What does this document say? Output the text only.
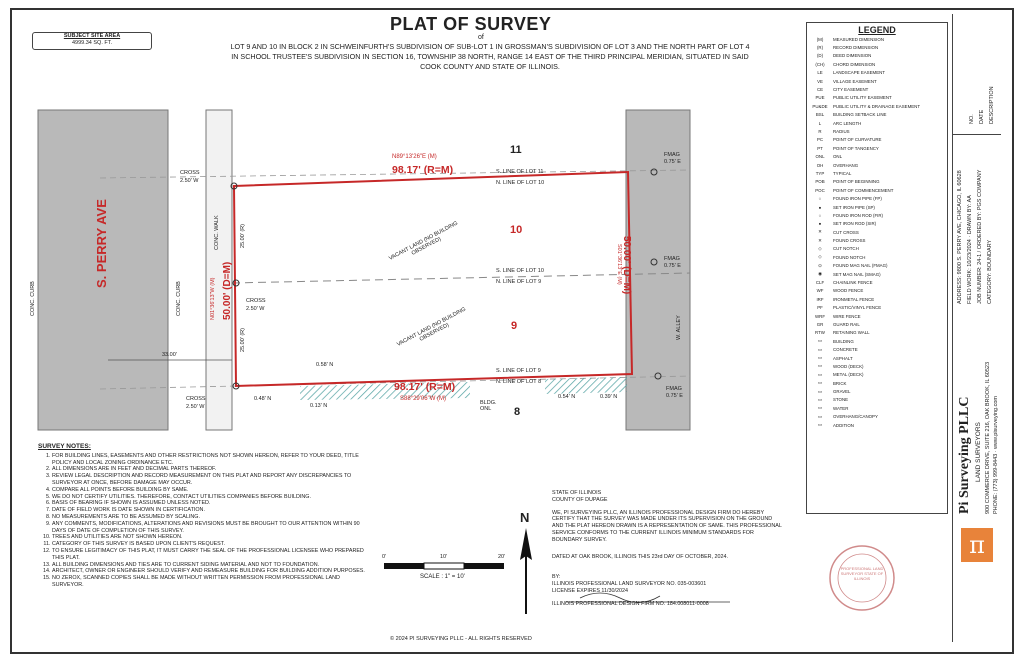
PLAT OF SURVEY
of
LOT 9 AND 10 IN BLOCK 2 IN SCHWEINFURTH'S SUBDIVISION OF SUB-LOT 1 IN GROSSMAN'S SUBDIVISION OF LOT 3 AND THE NORTH PART OF LOT 4 IN SCHOOL TRUSTEE'S SUBDIVISION IN SECTION 16, TOWNSHIP 38 NORTH, RANGE 14 EAST OF THE THIRD PRINCIPAL MERIDIAN, SITUATED IN SAID COOK COUNTY AND STATE OF ILLINOIS.
SUBJECT SITE AREA
4999.34 SQ. FT.
S. PERRY AVE
CONC. CURB	CONC. CURB
CONC. WALK
W. ALLEY
11
10
9
8
N89°13'26"E (M)
98.17' (R=M)
98.17' (R=M)
S88°29'06"W (M)
50.00' (D=M)
N01°36'13"W (M)
50.00' (D=M)
S01°36'13"E (M)
S. LINE OF LOT 11
N. LINE OF LOT 10
S. LINE OF LOT 10
N. LINE OF LOT 9
S. LINE OF LOT 9
N. LINE OF LOT 8
VACANT LAND (NO BUILDING OBSERVED)
VACANT LAND (NO BUILDING OBSERVED)
CROSS
2.50' W
CROSS
2.50' W
CROSS
2.50' W
FMAG
0.75' E
FMAG
0.75' E
FMAG
0.75' E
33.00'
25.00' (R)
25.00' (R)
0.48' N
0.58' N
0.13' N
0.54' N	0.39' N
BLDG. ONL
SURVEY NOTES:
1. FOR BUILDING LINES, EASEMENTS AND OTHER RESTRICTIONS NOT SHOWN HEREON, REFER TO YOUR DEED, TITLE POLICY AND LOCAL ZONING ORDINANCE ETC.
2. ALL DIMENSIONS ARE IN FEET AND DECIMAL PARTS THEREOF.
3. REVIEW LEGAL DESCRIPTION AND RECORD MEASUREMENT ON THIS PLAT AND REPORT ANY DISCREPANCIES TO SURVEYOR AT ONCE, BEFORE DAMAGE MAY OCCUR.
4. COMPARE ALL POINTS BEFORE BUILDING BY SAME.
5. WE DO NOT CERTIFY UTILITIES. THEREFORE, CONTACT UTILITIES COMPANIES BEFORE BUILDING.
6. BASIS OF BEARING IF SHOWN IS ASSUMED UNLESS NOTED.
7. DATE OF FIELD WORK IS DATE SHOWN IN CERTIFICATION.
8. NO MEASUREMENTS ARE TO BE ASSUMED BY SCALING.
9. ANY COMMENTS, MODIFICATIONS, ALTERATIONS AND REVISIONS MUST BE BROUGHT TO OUR ATTENTION WITHIN 90 DAYS OF DATE OF COMPLETION OF THIS SURVEY.
10. TREES AND UTILITIES ARE NOT SHOWN HEREON.
11. CATEGORY OF THIS SURVEY IS BASED UPON CLIENT'S REQUEST.
12. TO ENSURE LEGITIMACY OF THIS PLAT, IT MUST CARRY THE SEAL OF THE PROFESSIONAL LICENSEE WHO PREPARED THIS PLAT.
13. ALL BUILDING DIMENSIONS AND TIES ARE TO CURRENT SIDING MATERIAL AND NOT TO FOUNDATION.
14. ARCHITECT, OWNER OR ENGINEER SHOULD VERIFY AND REMEASURE BUILDING FOR BUILDING ADDITION PURPOSES.
15. NO ZEROX, SCANNED COPIES SHALL BE MADE WITHOUT WRITTEN PERMISSION FROM PROFESSIONAL LAND SURVEYOR.
0'	10'	20'
SCALE : 1" = 10'
N
STATE OF ILLINOIS
COUNTY OF DUPAGE
WE, PI SURVEYING PLLC, AN ILLINOIS PROFESSIONAL DESIGN FIRM DO HEREBY CERTIFY THAT THE SURVEY WAS MADE UNDER ITS SUPERVISION ON THE GROUND AND THE PLAT HEREON DRAWN IS A REPRESENTATION OF SAME. THIS PROFESSIONAL SERVICE CONFORMS TO THE CURRENT ILLINOIS MINIMUM STANDARDS FOR BOUNDARY SURVEY.
DATED AT OAK BROOK, ILLINOIS THIS 23rd DAY OF OCTOBER, 2024.
BY:
ILLINOIS PROFESSIONAL LAND SURVEYOR NO. 035-003601
LICENSE EXPIRES 11/30/2024
ILLINOIS PROFESSIONAL DESIGN FIRM NO. 184.008011-0008
© 2024 PI SURVEYING PLLC - ALL RIGHTS RESERVED
LEGEND
(M)	MEASURED DIMENSION
(R)	RECORD DIMENSION
(D)	DEED DIMENSION
(CH)	CHORD DIMENSION
LE	LANDSCAPE EASEMENT
VE	VILLAGE EASEMENT
CE	CITY EASEMENT
PUE	PUBLIC UTILITY EASEMENT
PU&DE	PUBLIC UTILITY & DRAINAGE EASEMENT
BSL	BUILDING SETBACK LINE
L	ARC LENGTH
R	RADIUS
PC	POINT OF CURVATURE
PT	POINT OF TANGENCY
ONL	ONL
OH	OVERHANG
TYP	TYPICAL
POB	POINT OF BEGINNING
POC	POINT OF COMMENCEMENT
○	FOUND IRON PIPE (FP)
●	SET IRON PIPE (SP)
○	FOUND IRON ROD (FIR)
●	SET IRON ROD (SIR)
✕	CUT CROSS
✕	FOUND CROSS
◇	CUT NOTCH
◇	FOUND NOTCH
⊙	FOUND MAG NAIL (FMAG)
◉	SET MAG NAIL (SMAG)
CLF	CHAINLINK FENCE
WF	WOOD FENCE
IRF	IRONMETAL FENCE
PF	PLASTIC/VINYL FENCE
WRF	WIRE FENCE
GR	GUARD RAIL
RTW	RETAINING WALL
▭	BUILDING
▭	CONCRETE
▭	ASPHALT
▭	WOOD (DECK)
▭	METAL (DECK)
▭	BRICK
▭	GRAVEL
▭	STONE
▭	WATER
▭	OVERHANG/CANOPY
▭	ADDITION
PROFESSIONAL LAND SURVEYOR STATE OF ILLINOIS
DESCRIPTION
DATE
NO.
ADDRESS: 9800 S. PERRY AVE, CHICAGO, IL 60628 FIELD WORK: 10/23/2024 · DRAWN BY: AA JOB NUMBER: 24-1 / ORDERED BY: PGS COMPANY CATEGORY: BOUNDARY
Pi Surveying PLLC LAND SURVEYORS 900 COMMERCE DRIVE, SUITE 216, OAK BROOK, IL 60523 PHONE: (773) 999-8443 · www.pisurveying.com
π
